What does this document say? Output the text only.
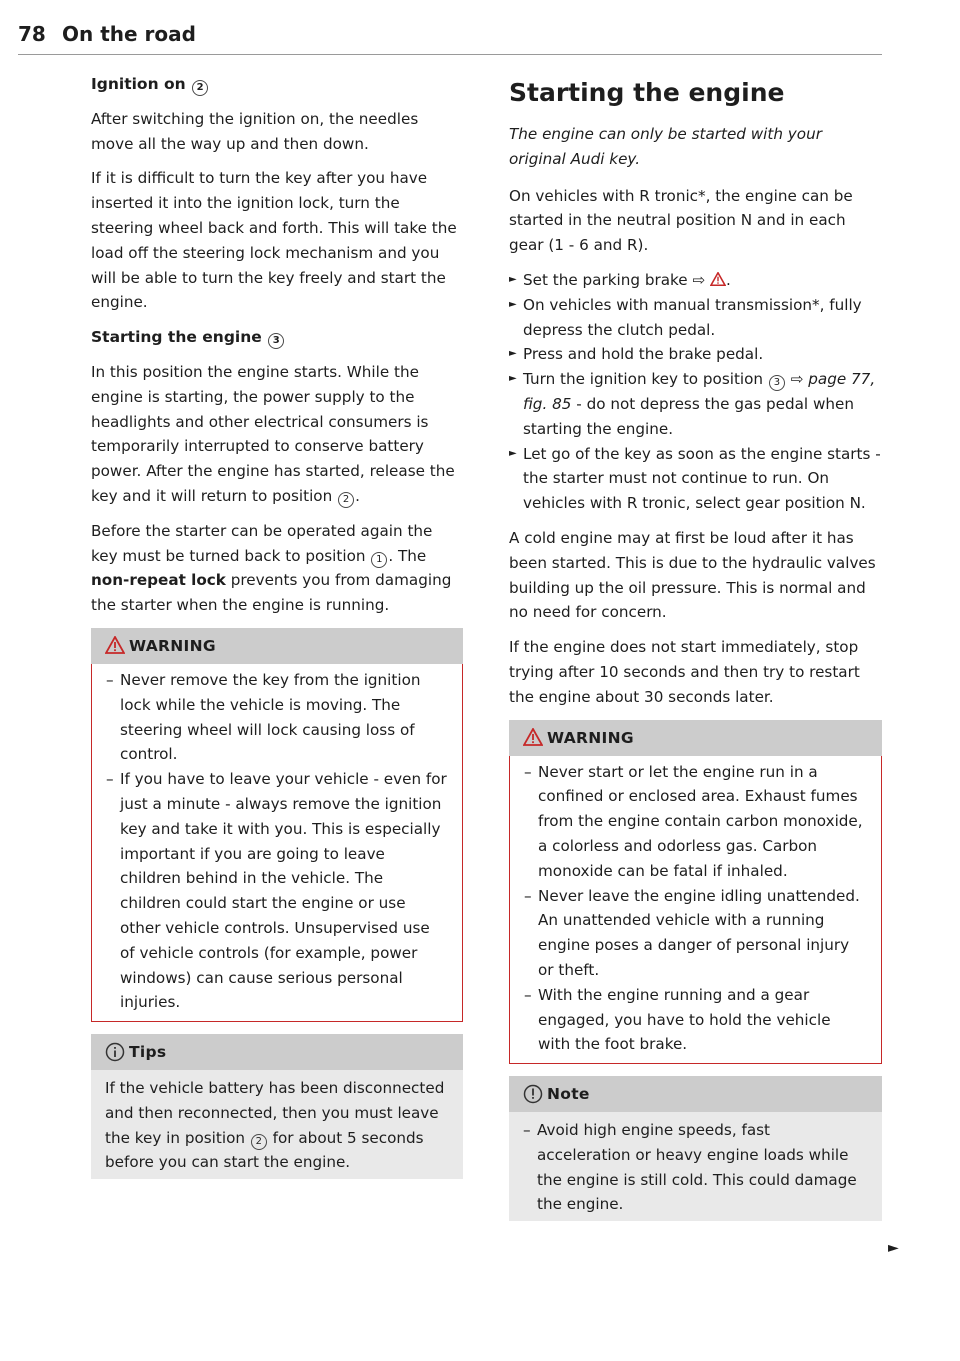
78 On the road
Ignition on 2

After switching the ignition on, the needles move all the way up and then down.

If it is difficult to turn the key after you have inserted it into the ignition lock, turn the steering wheel back and forth. This will take the load off the steering lock mechanism and you will be able to turn the key freely and start the engine.

Starting the engine 3

In this position the engine starts. While the engine is starting, the power supply to the headlights and other electrical consumers is temporarily interrupted to conserve battery power. After the engine has started, release the key and it will return to position 2 .

Before the starter can be operated again the key must be turned back to position 1 . The non-repeat lock prevents you from damaging the starter when the engine is running.

WARNING
– Never remove the key from the ignition lock while the vehicle is moving. The steering wheel will lock causing loss of control.
– If you have to leave your vehicle - even for just a minute - always remove the ignition key and take it with you. This is especially important if you are going to leave children behind in the vehicle. The children could start the engine or use other vehicle controls. Unsupervised use of vehicle controls (for example, power windows) can cause serious personal injuries.
Tips

If the vehicle battery has been disconnected and then reconnected, then you must leave the key in position 2 for about 5 seconds before you can start the engine.

Starting the engine

The engine can only be started with your original Audi key.

On vehicles with R tronic*, the engine can be started in the neutral position N and in each gear (1 - 6 and R).

► Set the parking brake ⇨ .
► On vehicles with manual transmission*, fully depress the clutch pedal.
► Press and hold the brake pedal.
► Turn the ignition key to position 3 ⇨ page 77, fig. 85 - do not depress the gas pedal when starting the engine.
► Let go of the key as soon as the engine starts - the starter must not continue to run. On vehicles with R tronic, select gear position N.

A cold engine may at first be loud after it has been started. This is due to the hydraulic valves building up the oil pressure. This is normal and no need for concern.

If the engine does not start immediately, stop trying after 10 seconds and then try to restart the engine about 30 seconds later.

WARNING
– Never start or let the engine run in a confined or enclosed area. Exhaust fumes from the engine contain carbon monoxide, a colorless and odorless gas. Carbon monoxide can be fatal if inhaled.
– Never leave the engine idling unattended. An unattended vehicle with a running engine poses a danger of personal injury or theft.
– With the engine running and a gear engaged, you have to hold the vehicle with the foot brake.
Note
– Avoid high engine speeds, fast acceleration or heavy engine loads while the engine is still cold. This could damage the engine.
►
